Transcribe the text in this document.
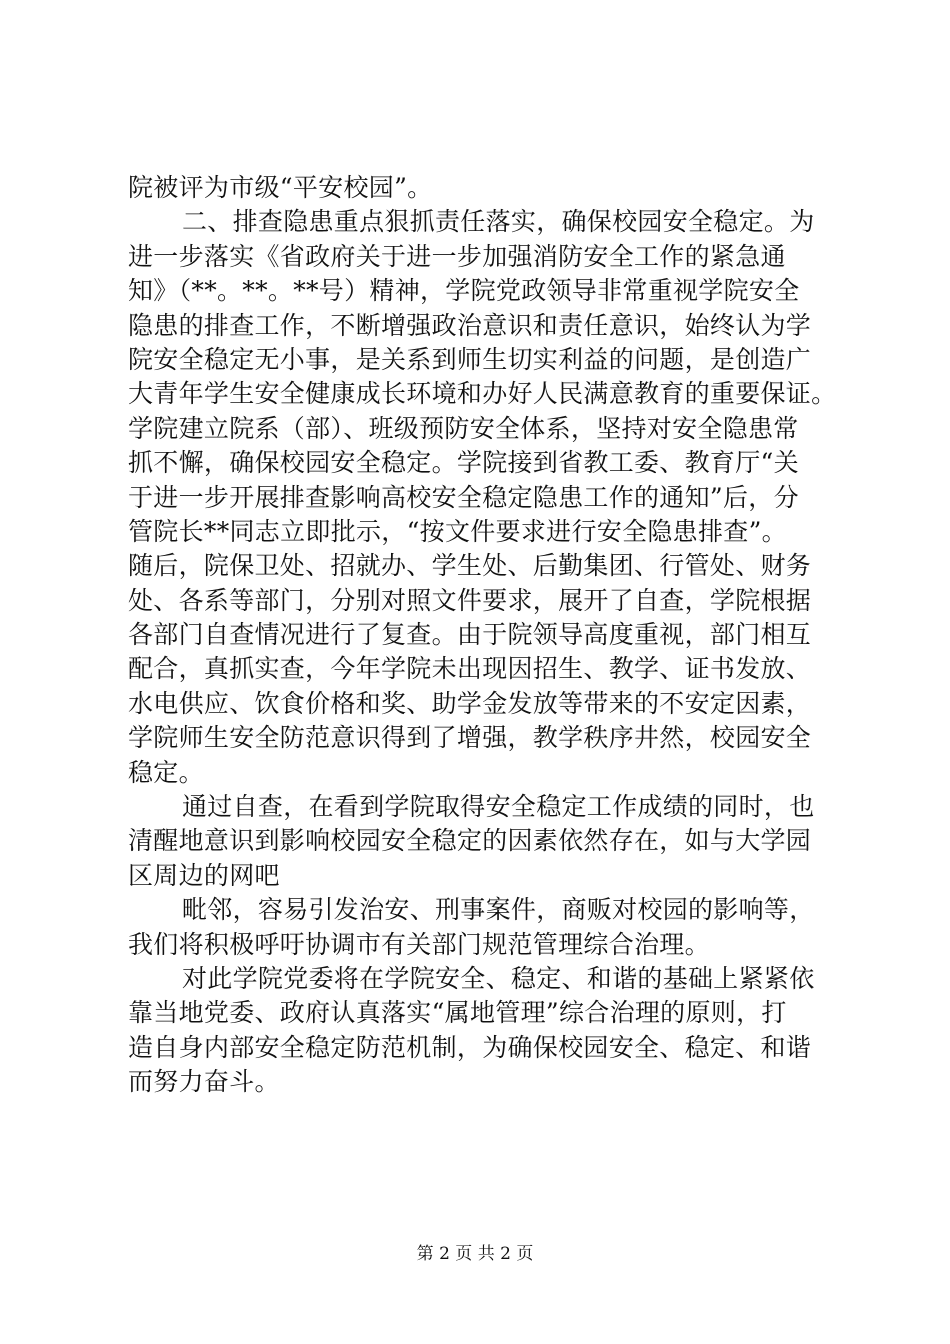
院被评为市级“平安校园”。
二、排查隐患重点狠抓责任落实，确保校园安全稳定。为
进一步落实《省政府关于进一步加强消防安全工作的紧急通
知》（**。**。**号）精神，学院党政领导非常重视学院安全
隐患的排查工作，不断增强政治意识和责任意识，始终认为学
院安全稳定无小事，是关系到师生切实利益的问题，是创造广
大青年学生安全健康成长环境和办好人民满意教育的重要保证。
学院建立院系（部）、班级预防安全体系，坚持对安全隐患常
抓不懈，确保校园安全稳定。学院接到省教工委、教育厅“关
于进一步开展排查影响高校安全稳定隐患工作的通知”后，分
管院长**同志立即批示，“按文件要求进行安全隐患排查”。
随后，院保卫处、招就办、学生处、后勤集团、行管处、财务
处、各系等部门，分别对照文件要求，展开了自查，学院根据
各部门自查情况进行了复查。由于院领导高度重视，部门相互
配合，真抓实查，今年学院未出现因招生、教学、证书发放、
水电供应、饮食价格和奖、助学金发放等带来的不安定因素，
学院师生安全防范意识得到了增强，教学秩序井然，校园安全
稳定。
通过自查，在看到学院取得安全稳定工作成绩的同时，也
清醒地意识到影响校园安全稳定的因素依然存在，如与大学园
区周边的网吧
毗邻，容易引发治安、刑事案件，商贩对校园的影响等，
我们将积极呼吁协调市有关部门规范管理综合治理。
对此学院党委将在学院安全、稳定、和谐的基础上紧紧依
靠当地党委、政府认真落实“属地管理”综合治理的原则，打
造自身内部安全稳定防范机制，为确保校园安全、稳定、和谐
而努力奋斗。
第 2 页 共 2 页
